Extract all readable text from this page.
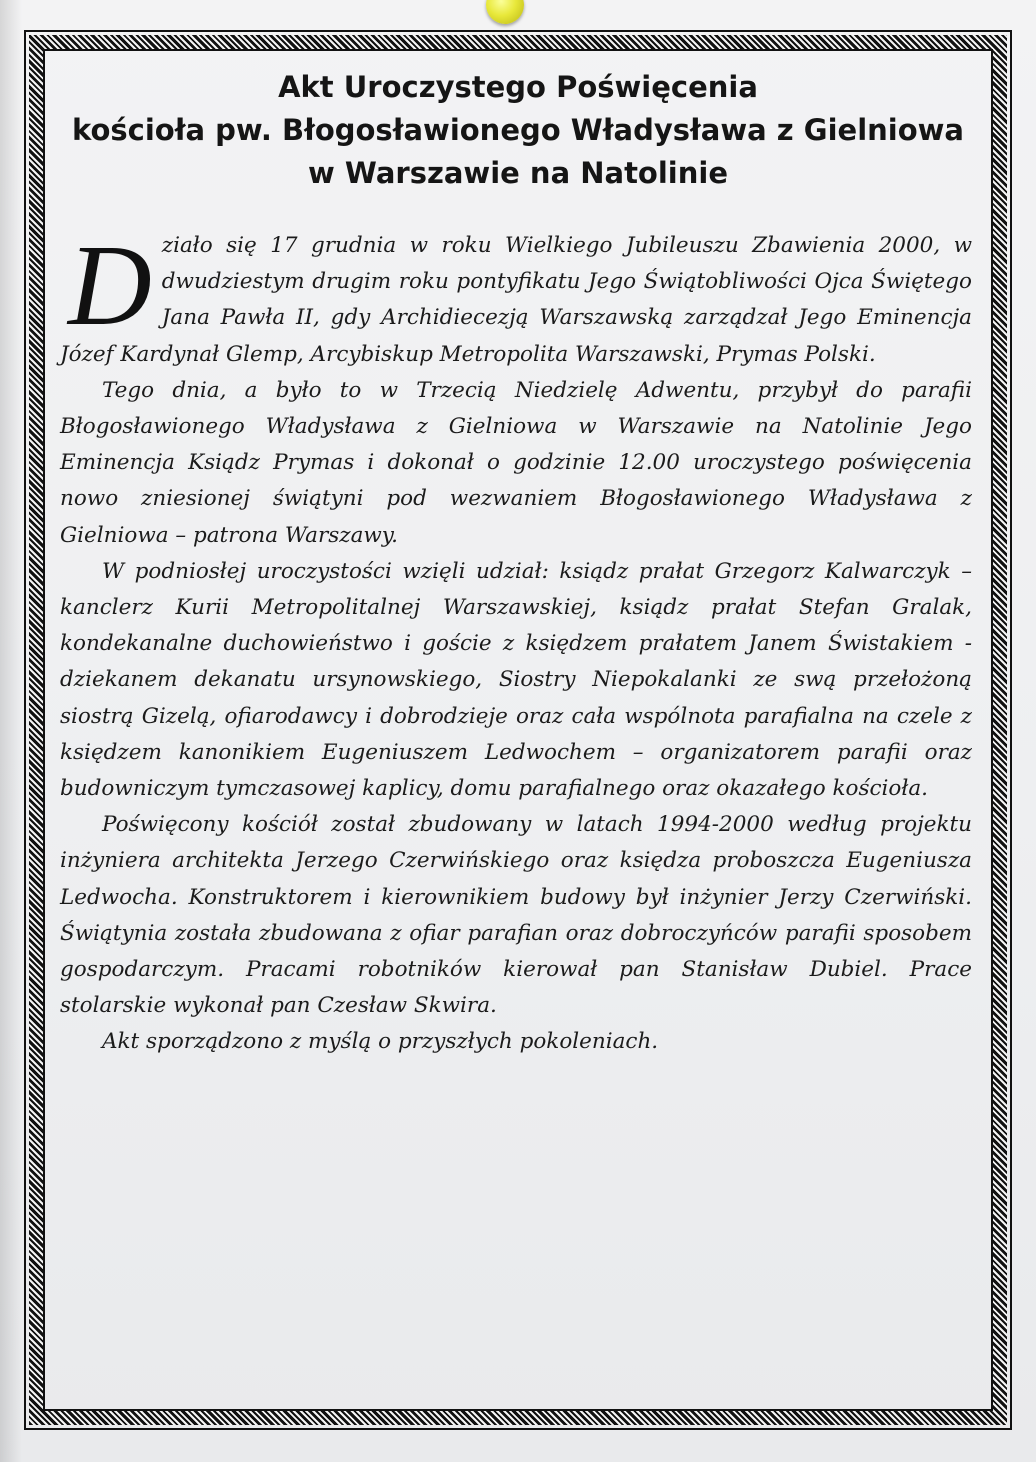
Akt Uroczystego Poświęcenia
kościoła pw. Błogosławionego Władysława z Gielniowa
w Warszawie na Natolinie

Działo się 17 grudnia w roku Wielkiego Jubileuszu Zbawienia 2000, w dwudziestym drugim roku pontyfikatu Jego Świątobliwości Ojca Świętego Jana Pawła II, gdy Archidiecezją Warszawską zarządzał Jego Eminencja Józef Kardynał Glemp, Arcybiskup Metropolita Warszawski, Prymas Polski.

Tego dnia, a było to w Trzecią Niedzielę Adwentu, przybył do parafii Błogosławionego Władysława z Gielniowa w Warszawie na Natolinie Jego Eminencja Ksiądz Prymas i dokonał o godzinie 12.00 uroczystego poświęcenia nowo zniesionej świątyni pod wezwaniem Błogosławionego Władysława z Gielniowa – patrona Warszawy.

W podniosłej uroczystości wzięli udział: ksiądz prałat Grzegorz Kalwarczyk – kanclerz Kurii Metropolitalnej Warszawskiej, ksiądz prałat Stefan Gralak, kondekanalne duchowieństwo i goście z księdzem prałatem Janem Świstakiem - dziekanem dekanatu ursynowskiego, Siostry Niepokalanki ze swą przełożoną siostrą Gizelą, ofiarodawcy i dobrodzieje oraz cała wspólnota parafialna na czele z księdzem kanonikiem Eugeniuszem Ledwochem – organizatorem parafii oraz budowniczym tymczasowej kaplicy, domu parafialnego oraz okazałego kościoła.

Poświęcony kościół został zbudowany w latach 1994-2000 według projektu inżyniera architekta Jerzego Czerwińskiego oraz księdza proboszcza Eugeniusza Ledwocha. Konstruktorem i kierownikiem budowy był inżynier Jerzy Czerwiński. Świątynia została zbudowana z ofiar parafian oraz dobroczyńców parafii sposobem gospodarczym. Pracami robotników kierował pan Stanisław Dubiel. Prace stolarskie wykonał pan Czesław Skwira.

Akt sporządzono z myślą o przyszłych pokoleniach.
